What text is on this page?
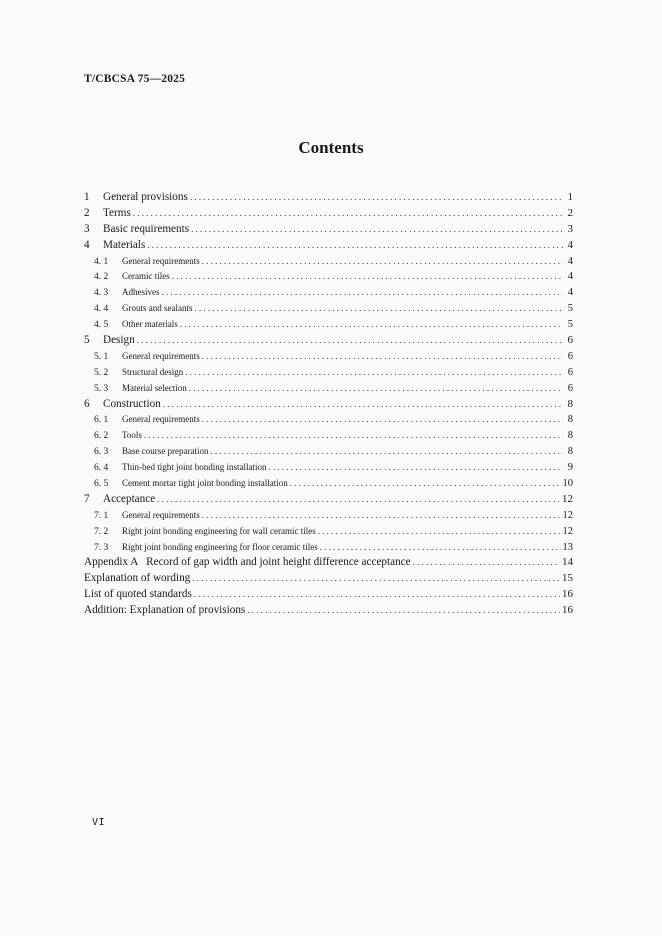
T/CBCSA 75—2025
Contents
1	General provisions .....	1
2	Terms .....	2
3	Basic requirements .....	3
4	Materials .....	4
4. 1	General requirements .....	4
4. 2	Ceramic tiles .....	4
4. 3	Adhesives .....	4
4. 4	Grouts and sealants .....	5
4. 5	Other materials .....	5
5	Design .....	6
5. 1	General requirements .....	6
5. 2	Structural design .....	6
5. 3	Material selection .....	6
6	Construction .....	8
6. 1	General requirements .....	8
6. 2	Tools .....	8
6. 3	Base course preparation .....	8
6. 4	Thin-bed tight joint bonding installation .....	9
6. 5	Cement mortar tight joint bonding installation .....	10
7	Acceptance .....	12
7. 1	General requirements .....	12
7. 2	Right joint bonding engineering for wall ceramic tiles .....	12
7. 3	Right joint bonding engineering for floor ceramic tiles .....	13
Appendix A   Record of gap width and joint height difference acceptance .....	14
Explanation of wording .....	15
List of quoted standards .....	16
Addition: Explanation of provisions .....	16
VI
